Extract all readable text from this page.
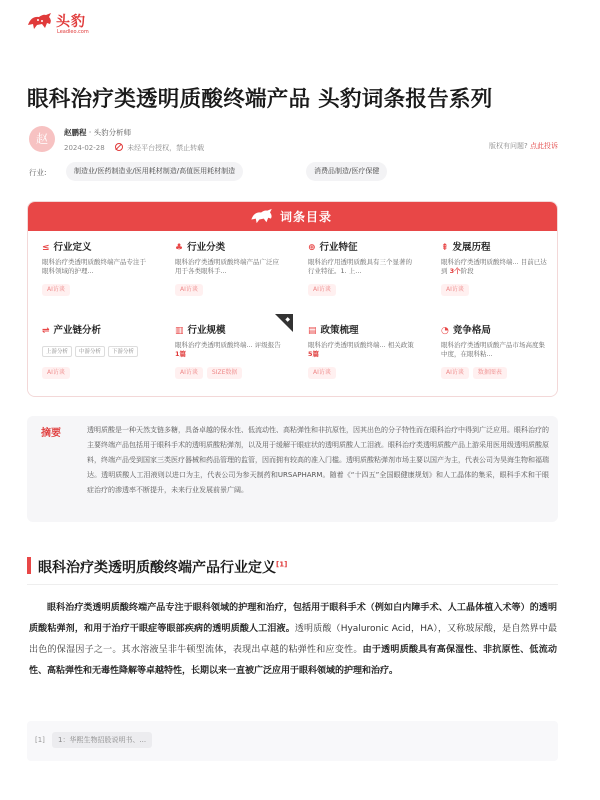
头豹
Leadleo.com
眼科治疗类透明质酸终端产品 头豹词条报告系列
赵	赵鹏程 · 头豹分析师
2024-02-28	未经平台授权，禁止转载	版权有问题? 点此投诉
行业:	制造业/医药制造业/医用耗材制造/高值医用耗材制造	消费品制造/医疗保健
词条目录
≤ 行业定义
眼科治疗类透明质酸终端产品专注于眼科领域的护理...
AI访谈
♣ 行业分类
眼科治疗类透明质酸终端产品广泛应用于各类眼科手...
AI访谈
⊕ 行业特征
眼科治疗用透明质酸具有三个显著的行业特征。1. 上...
AI访谈
⇞ 发展历程
眼科治疗类透明质酸终端... 目前已达到 3个阶段
AI访谈
⇌ 产业链分析
上游分析 中游分析 下游分析
AI访谈
◆
▥ 行业规模
眼科治疗类透明质酸终端... 评级报告 1篇
AI访谈 SIZE数据
▤ 政策梳理
眼科治疗类透明质酸终端... 相关政策 5篇
AI访谈
◔ 竞争格局
眼科治疗类透明质酸产品市场高度集中度，在眼科粘...
AI访谈 数据图表
摘要	透明质酸是一种天然支链多糖，具备卓越的保水性、低流动性、高粘弹性和非抗原性，因其出色的分子特性而在眼科治疗中得到广泛应用。眼科治疗的主要终端产品包括用于眼科手术的透明质酸粘弹剂，以及用于缓解干眼症状的透明质酸人工泪液。眼科治疗类透明质酸产品上游采用医用级透明质酸原料，终端产品受到国家三类医疗器械和药品管理的监管，因而拥有较高的准入门槛。透明质酸粘弹剂市场主要以国产为主，代表公司为昊海生物和福瑞达。透明质酸人工泪液则以进口为主，代表公司为参天制药和URSAPHARM。随着《“十四五”全国眼健康规划》和人工晶体的集采，眼科手术和干眼症治疗的渗透率不断提升，未来行业发展前景广阔。

眼科治疗类透明质酸终端产品行业定义[1]

眼科治疗类透明质酸终端产品专注于眼科领域的护理和治疗，包括用于眼科手术（例如白内障手术、人工晶体植入术等）的透明质酸粘弹剂，和用于治疗干眼症等眼部疾病的透明质酸人工泪液。透明质酸（Hyaluronic Acid，HA），又称玻尿酸，是自然界中最出色的保湿因子之一。其水溶液呈非牛顿型流体，表现出卓越的粘弹性和应变性。由于透明质酸具有高保湿性、非抗原性、低流动性、高粘弹性和无毒性降解等卓越特性，长期以来一直被广泛应用于眼科领域的护理和治疗。

[1]	1：华熙生物招股说明书、...
